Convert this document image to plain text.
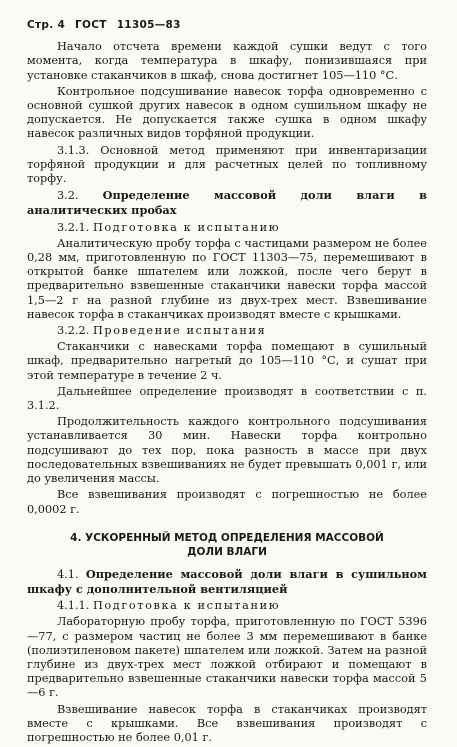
Стр. 4 ГОСТ 11305—83

Начало отсчета времени каждой сушки ведут с того момента, когда температура в шкафу, понизившаяся при установке стаканчиков в шкаф, снова достигнет 105—110 °С.

Контрольное подсушивание навесок торфа одновременно с основной сушкой других навесок в одном сушильном шкафу не допускается. Не допускается также сушка в одном шкафу навесок различных видов торфяной продукции.

3.1.3. Основной метод применяют при инвентаризации торфяной продукции и для расчетных целей по топливному торфу.

3.2. Определение массовой доли влаги в аналитических пробах

3.2.1. Подготовка к испытанию

Аналитическую пробу торфа с частицами размером не более 0,28 мм, приготовленную по ГОСТ 11303—75, перемешивают в открытой банке шпателем или ложкой, после чего берут в предварительно взвешенные стаканчики навески торфа массой 1,5—2 г на разной глубине из двух-трех мест. Взвешивание навесок торфа в стаканчиках производят вместе с крышками.

3.2.2. Проведение испытания

Стаканчики с навесками торфа помещают в сушильный шкаф, предварительно нагретый до 105—110 °С, и сушат при этой температуре в течение 2 ч.

Дальнейшее определение производят в соответствии с п. 3.1.2.

Продолжительность каждого контрольного подсушивания устанавливается 30 мин. Навески торфа контрольно подсушивают до тех пор, пока разность в массе при двух последовательных взвешиваниях не будет превышать 0,001 г, или до увеличения массы.

Все взвешивания производят с погрешностью не более 0,0002 г.

4. УСКОРЕННЫЙ МЕТОД ОПРЕДЕЛЕНИЯ МАССОВОЙ
ДОЛИ ВЛАГИ

4.1. Определение массовой доли влаги в сушильном шкафу с дополнительной вентиляцией

4.1.1. Подготовка к испытанию

Лабораторную пробу торфа, приготовленную по ГОСТ 5396—77, с размером частиц не более 3 мм перемешивают в банке (полиэтиленовом пакете) шпателем или ложкой. Затем на разной глубине из двух-трех мест ложкой отбирают и помещают в предварительно взвешенные стаканчики навески торфа массой 5—6 г.

Взвешивание навесок торфа в стаканчиках производят вместе с крышками. Все взвешивания производят с погрешностью не более 0,01 г.
